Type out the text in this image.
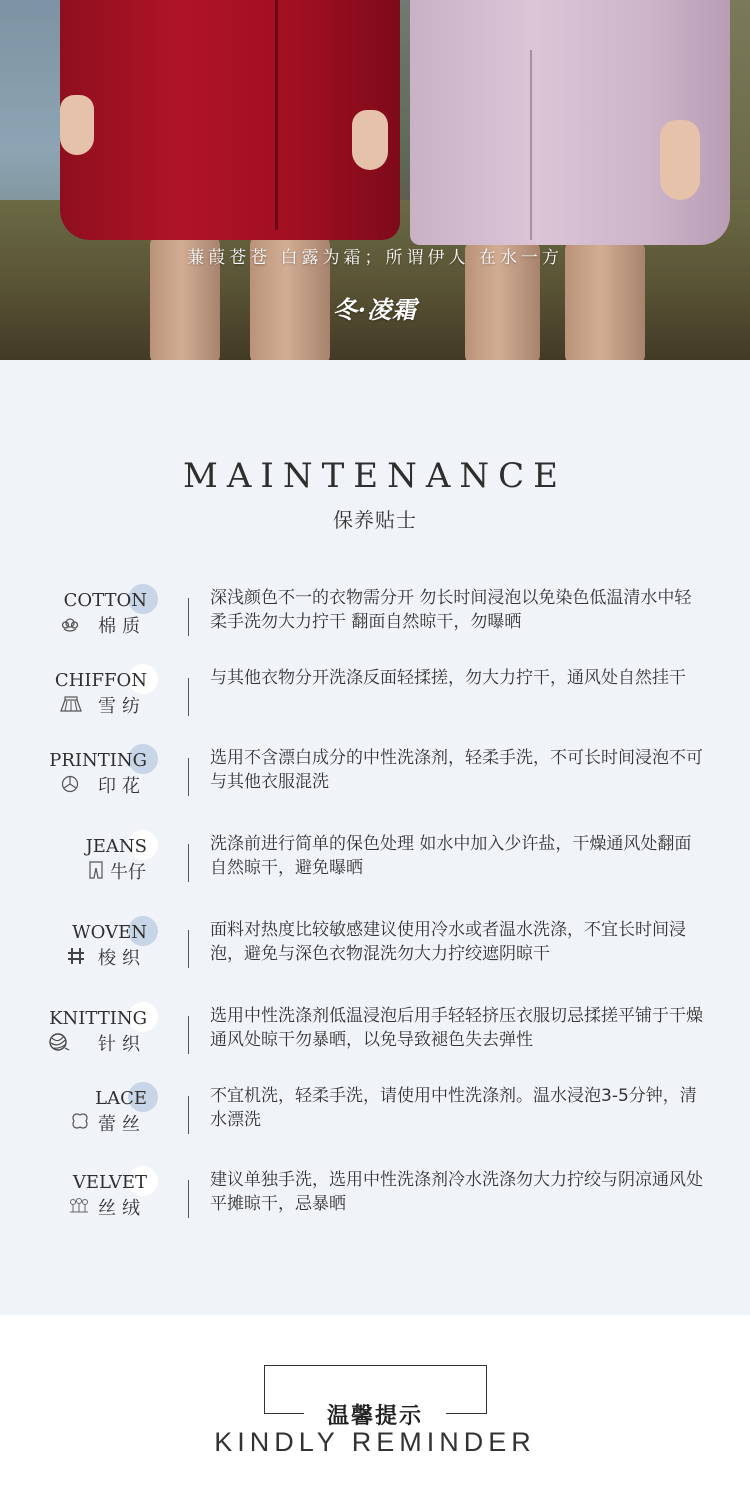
蒹葭苍苍 白露为霜；所谓伊人 在水一方
冬·凌霜
MAINTENANCE
保养贴士
COTTON
棉质
深浅颜色不一的衣物需分开 勿长时间浸泡以免染色低温清水中轻柔手洗勿大力拧干 翻面自然晾干，勿曝晒
CHIFFON
雪纺
与其他衣物分开洗涤反面轻揉搓，勿大力拧干，通风处自然挂干
PRINTING
印花
选用不含漂白成分的中性洗涤剂，轻柔手洗，不可长时间浸泡不可与其他衣服混洗
JEANS
牛仔
洗涤前进行简单的保色处理 如水中加入少许盐，干燥通风处翻面自然晾干，避免曝晒
WOVEN
梭织
面料对热度比较敏感建议使用冷水或者温水洗涤，不宜长时间浸泡，避免与深色衣物混洗勿大力拧绞遮阴晾干
KNITTING
针织
选用中性洗涤剂低温浸泡后用手轻轻挤压衣服切忌揉搓平铺于干燥通风处晾干勿暴晒，以免导致褪色失去弹性
LACE
蕾丝
不宜机洗，轻柔手洗，请使用中性洗涤剂。温水浸泡3-5分钟，清水漂洗
VELVET
丝绒
建议单独手洗，选用中性洗涤剂冷水洗涤勿大力拧绞与阴凉通风处平摊晾干，忌暴晒
温馨提示
KINDLY REMINDER
